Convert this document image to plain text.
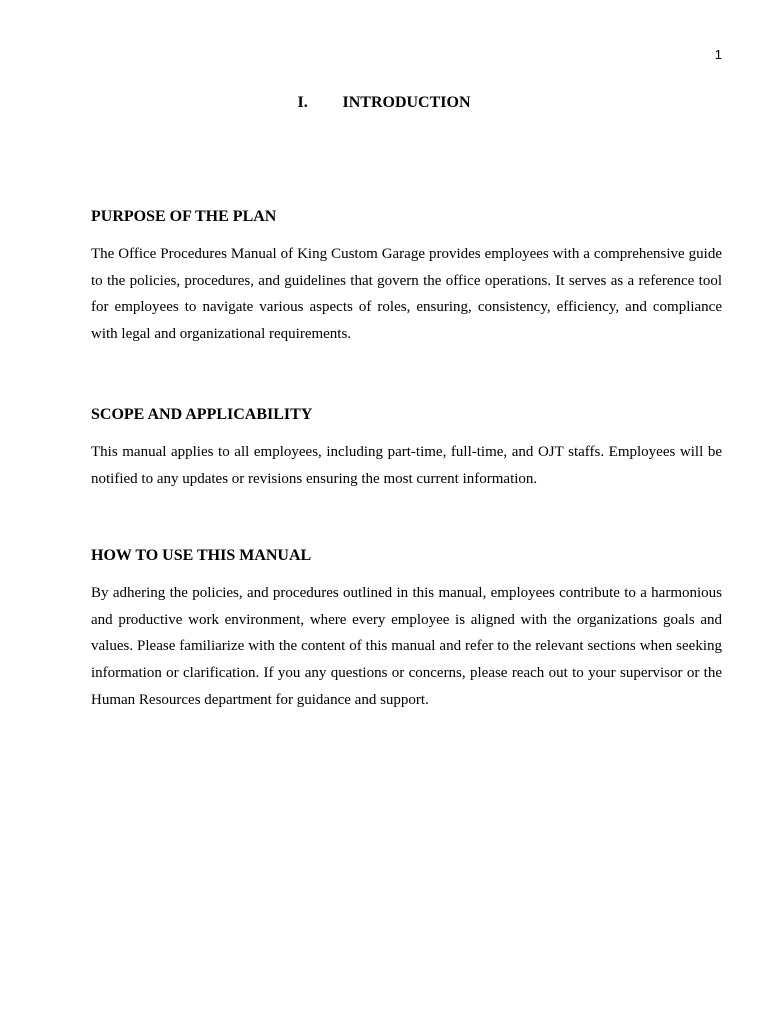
1
I. INTRODUCTION
PURPOSE OF THE PLAN

The Office Procedures Manual of King Custom Garage provides employees with a comprehensive guide to the policies, procedures, and guidelines that govern the office operations. It serves as a reference tool for employees to navigate various aspects of roles, ensuring, consistency, efficiency, and compliance with legal and organizational requirements.

SCOPE AND APPLICABILITY

This manual applies to all employees, including part-time, full-time, and OJT staffs. Employees will be notified to any updates or revisions ensuring the most current information.

HOW TO USE THIS MANUAL

By adhering the policies, and procedures outlined in this manual, employees contribute to a harmonious and productive work environment, where every employee is aligned with the organizations goals and values. Please familiarize with the content of this manual and refer to the relevant sections when seeking information or clarification. If you any questions or concerns, please reach out to your supervisor or the Human Resources department for guidance and support.
